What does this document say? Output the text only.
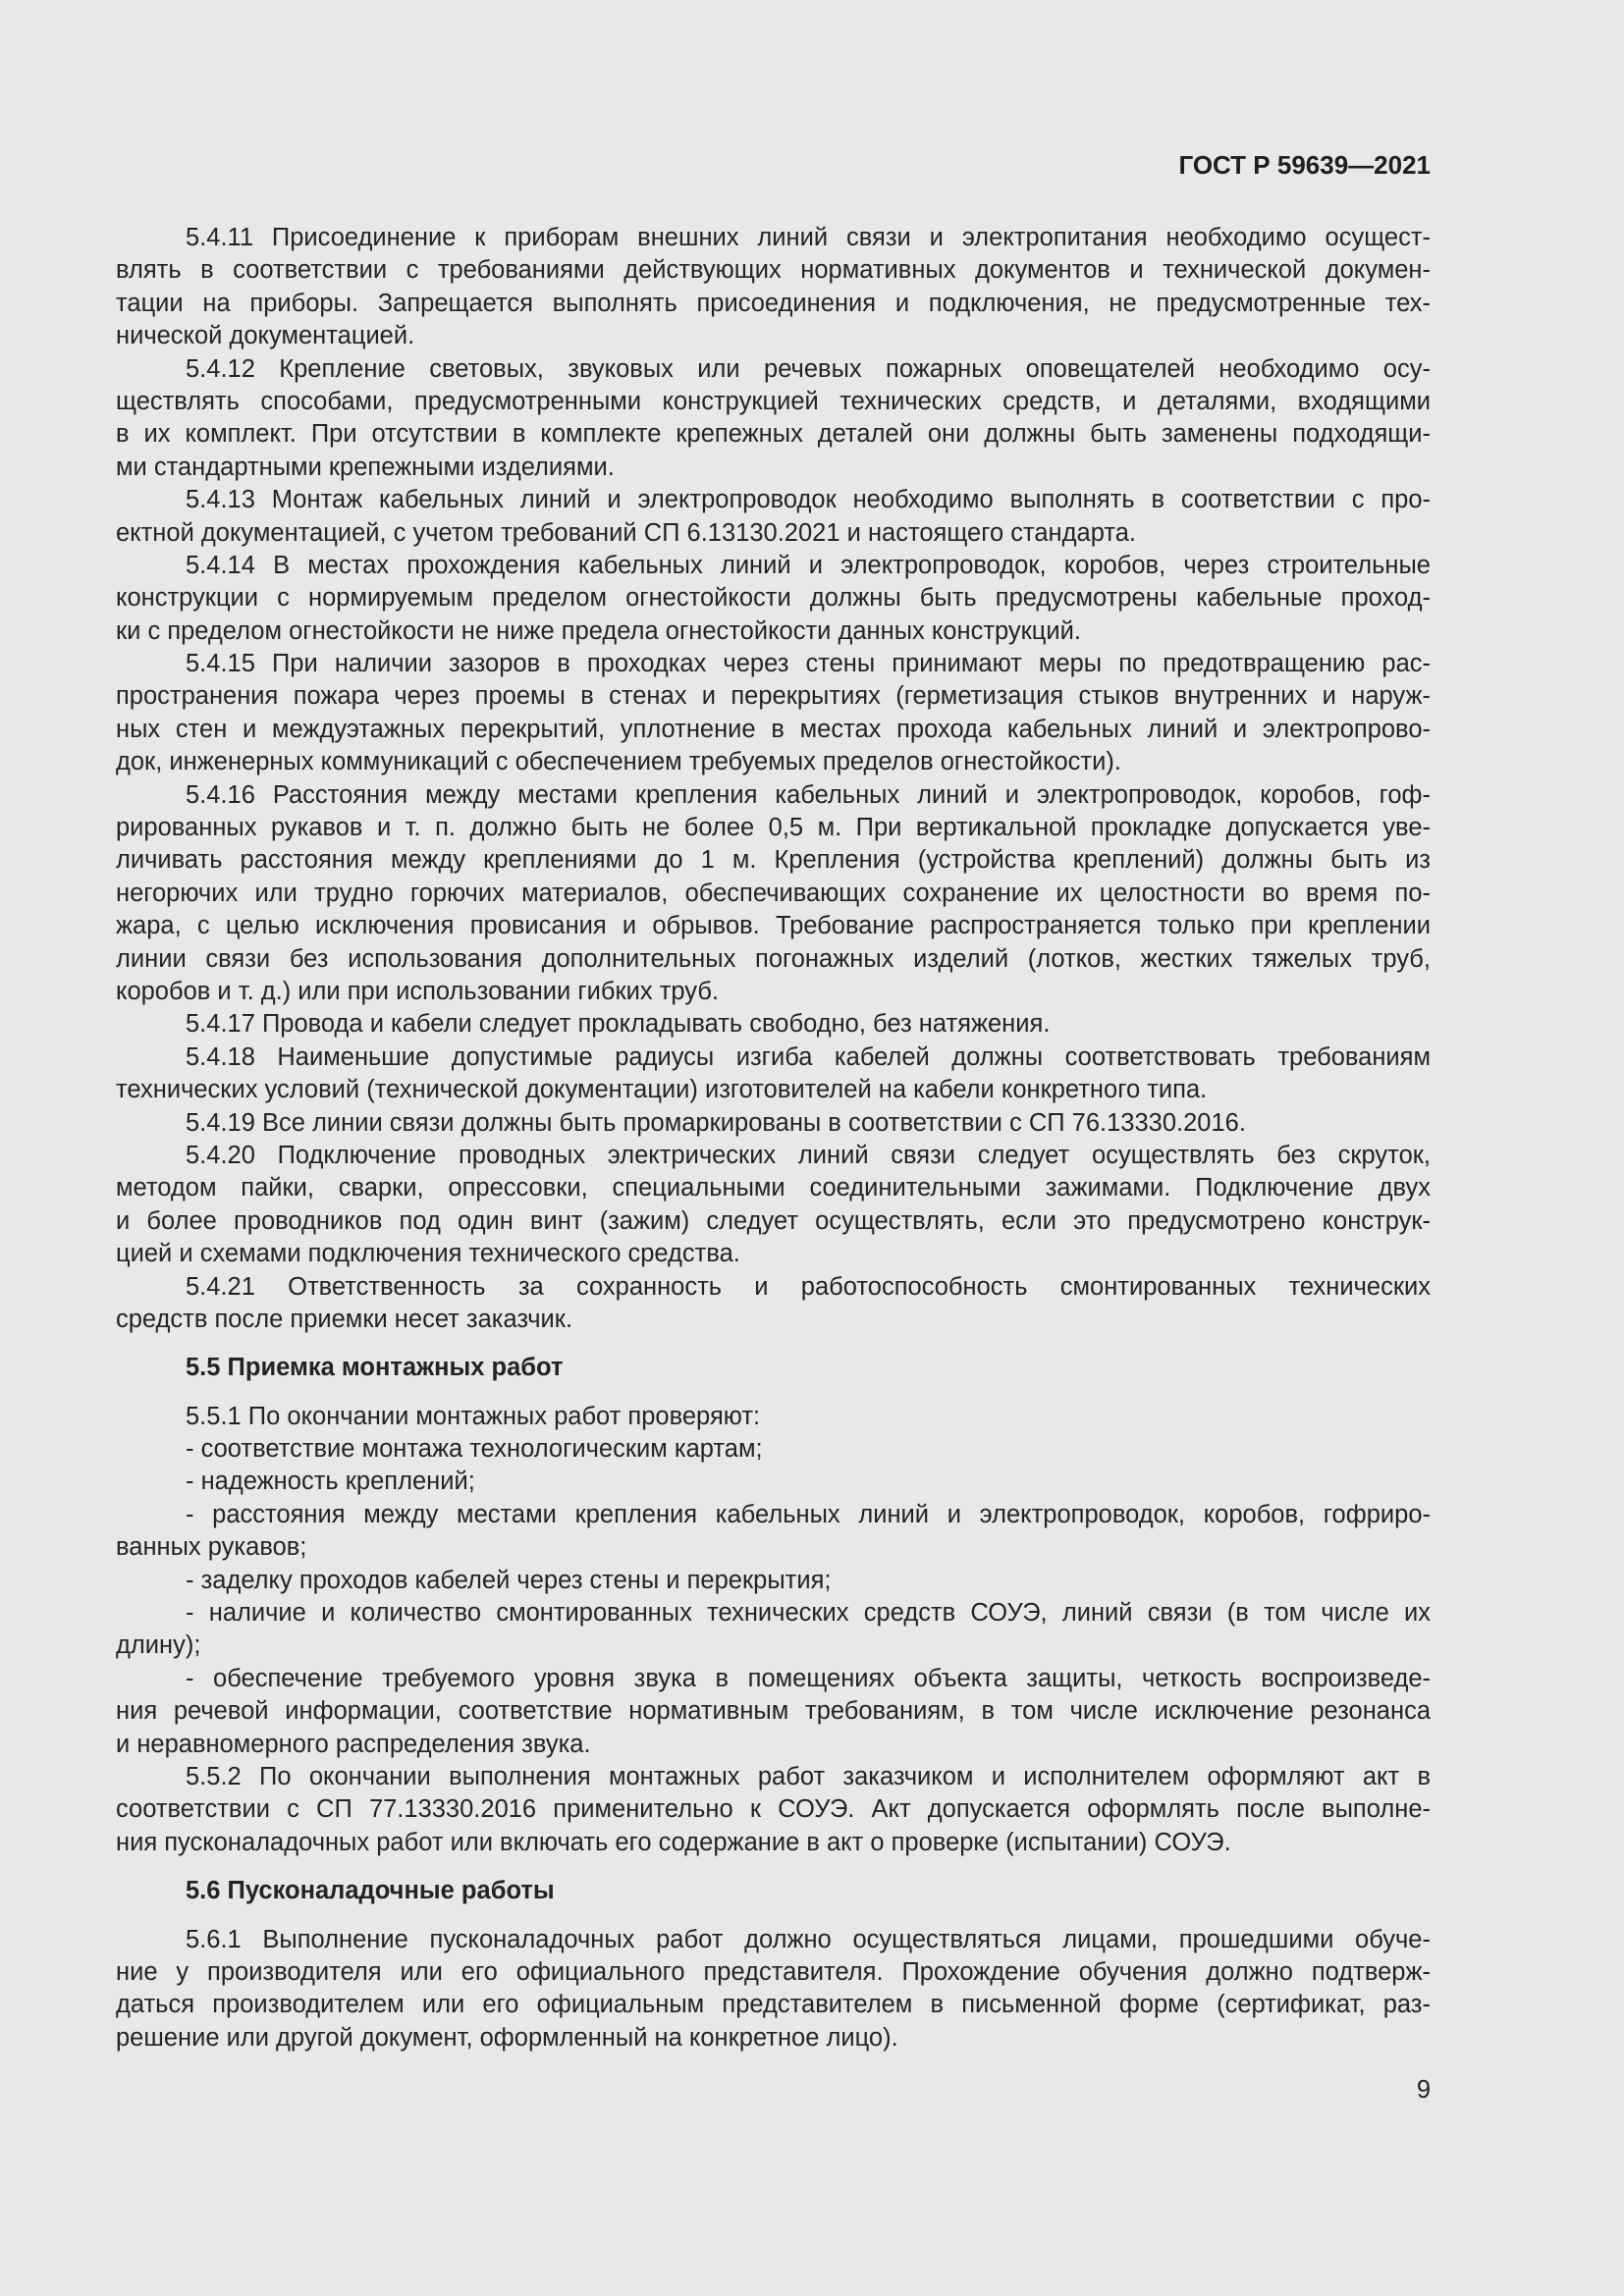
ГОСТ Р 59639—2021
5.4.11 Присоединение к приборам внешних линий связи и электропитания необходимо осущест-
влять в соответствии с требованиями действующих нормативных документов и технической докумен-
тации на приборы. Запрещается выполнять присоединения и подключения, не предусмотренные тех-
нической документацией.
5.4.12 Крепление световых, звуковых или речевых пожарных оповещателей необходимо осу-
ществлять способами, предусмотренными конструкцией технических средств, и деталями, входящими
в их комплект. При отсутствии в комплекте крепежных деталей они должны быть заменены подходящи-
ми стандартными крепежными изделиями.
5.4.13 Монтаж кабельных линий и электропроводок необходимо выполнять в соответствии с про-
ектной документацией, с учетом требований СП 6.13130.2021 и настоящего стандарта.
5.4.14 В местах прохождения кабельных линий и электропроводок, коробов, через строительные
конструкции с нормируемым пределом огнестойкости должны быть предусмотрены кабельные проход-
ки с пределом огнестойкости не ниже предела огнестойкости данных конструкций.
5.4.15 При наличии зазоров в проходках через стены принимают меры по предотвращению рас-
пространения пожара через проемы в стенах и перекрытиях (герметизация стыков внутренних и наруж-
ных стен и междуэтажных перекрытий, уплотнение в местах прохода кабельных линий и электропрово-
док, инженерных коммуникаций с обеспечением требуемых пределов огнестойкости).
5.4.16 Расстояния между местами крепления кабельных линий и электропроводок, коробов, гоф-
рированных рукавов и т. п. должно быть не более 0,5 м. При вертикальной прокладке допускается уве-
личивать расстояния между креплениями до 1 м. Крепления (устройства креплений) должны быть из
негорючих или трудно горючих материалов, обеспечивающих сохранение их целостности во время по-
жара, с целью исключения провисания и обрывов. Требование распространяется только при креплении
линии связи без использования дополнительных погонажных изделий (лотков, жестких тяжелых труб,
коробов и т. д.) или при использовании гибких труб.
5.4.17 Провода и кабели следует прокладывать свободно, без натяжения.
5.4.18 Наименьшие допустимые радиусы изгиба кабелей должны соответствовать требованиям
технических условий (технической документации) изготовителей на кабели конкретного типа.
5.4.19 Все линии связи должны быть промаркированы в соответствии с СП 76.13330.2016.
5.4.20 Подключение проводных электрических линий связи следует осуществлять без скруток,
методом пайки, сварки, опрессовки, специальными соединительными зажимами. Подключение двух
и более проводников под один винт (зажим) следует осуществлять, если это предусмотрено конструк-
цией и схемами подключения технического средства.
5.4.21 Ответственность за сохранность и работоспособность смонтированных технических
средств после приемки несет заказчик.
5.5 Приемка монтажных работ
5.5.1 По окончании монтажных работ проверяют:
- соответствие монтажа технологическим картам;
- надежность креплений;
- расстояния между местами крепления кабельных линий и электропроводок, коробов, гофриро-
ванных рукавов;
- заделку проходов кабелей через стены и перекрытия;
- наличие и количество смонтированных технических средств СОУЭ, линий связи (в том числе их
длину);
- обеспечение требуемого уровня звука в помещениях объекта защиты, четкость воспроизведе-
ния речевой информации, соответствие нормативным требованиям, в том числе исключение резонанса
и неравномерного распределения звука.
5.5.2 По окончании выполнения монтажных работ заказчиком и исполнителем оформляют акт в
соответствии с СП 77.13330.2016 применительно к СОУЭ. Акт допускается оформлять после выполне-
ния пусконаладочных работ или включать его содержание в акт о проверке (испытании) СОУЭ.
5.6 Пусконаладочные работы
5.6.1 Выполнение пусконаладочных работ должно осуществляться лицами, прошедшими обуче-
ние у производителя или его официального представителя. Прохождение обучения должно подтверж-
даться производителем или его официальным представителем в письменной форме (сертификат, раз-
решение или другой документ, оформленный на конкретное лицо).
9
